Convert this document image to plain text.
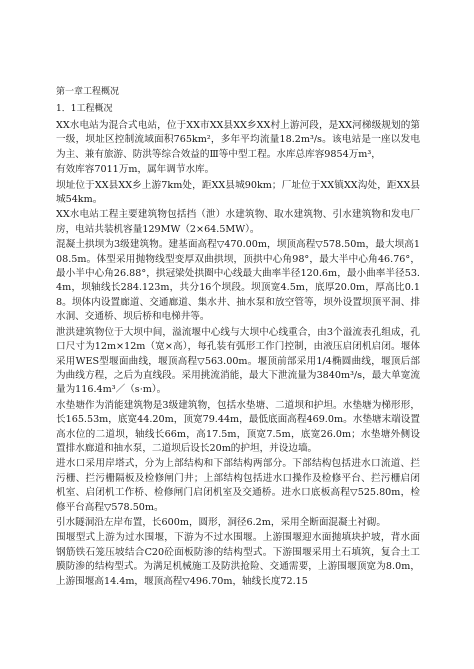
第一章工程概况
1．1工程概况
XX水电站为混合式电站，位于XX市XX县XX乡XX村上游河段，是XX河梯级规划的第一级，坝址区控制流域面积765km²，多年平均流量18.2m³/s。该电站是一座以发电为主、兼有旅游、防洪等综合效益的Ⅲ等中型工程。水库总库容9854万m³，
有效库容7011万m，属年调节水库。
坝址位于XX县XX乡上游7km处，距XX县城90km；厂址位于XX镇XX沟处，距XX县城54km。
XX水电站工程主要建筑物包括挡（泄）水建筑物、取水建筑物、引水建筑物和发电厂房，电站共装机容量129MW（2×64.5MW）。
混凝土拱坝为3级建筑物。建基面高程▽470.00m，坝顶高程▽578.50m，最大坝高108.5m。体型采用抛物线型变厚双曲拱坝，顶拱中心角98°，最大半中心角46.76°，最小半中心角26.88°，拱冠梁处拱圈中心线最大曲率半径120.6m，最小曲率半径53.4m，坝轴线长284.123m，共分16个坝段。坝顶宽4.5m，底厚20.0m，厚高比0.18。坝体内设置廊道、交通廊道、集水井、抽水泵和放空管等，坝外设置坝顶平洞、排水洞、交通桥、坝后桥和电梯井等。
泄洪建筑物位于大坝中间，溢流堰中心线与大坝中心线重合，由3个溢流表孔组成，孔口尺寸为12m×12m（宽×高），每孔装有弧形工作门控制，由液压启闭机启闭。堰体采用WES型堰面曲线，堰顶高程▽563.00m。堰顶前部采用1/4椭圆曲线，堰顶后部为曲线方程，之后为直线段。采用挑流消能，最大下泄流量为3840m³/s，最大单宽流量为116.4m³／（s·m）。
水垫塘作为消能建筑物是3级建筑物，包括水垫塘、二道坝和护坦。水垫塘为梯形形，长165.53m，底宽44.20m，顶宽79.44m，最低底面高程469.0m。水垫塘末端设置高水位的二道坝，轴线长66m，高17.5m，顶宽7.5m，底宽26.0m；水垫塘外侧设置排水廊道和抽水泵，二道坝后设长20m的护坦，并设边墙。
进水口采用岸塔式，分为上部结构和下部结构两部分。下部结构包括进水口流道、拦污栅、拦污栅隔板及检修闸门井；上部结构包括进水口操作及检修平台、拦污栅启闭机室、启闭机工作桥、检修闸门启闭机室及交通桥。进水口底板高程▽525.80m，检修平台高程▽578.50m。
引水隧洞沿左岸布置，长600m，圆形，洞径6.2m，采用全断面混凝土衬砌。
围堰型式上游为过水围堰，下游为不过水围堰。上游围堰迎水面抛填块护坡，背水面钢筋铁石笼压坡结合C20砼面板防渗的结构型式。下游围堰采用土石填筑，复合土工膜防渗的结构型式。为满足机械施工及防洪抢险、交通需要，上游围堰顶宽为8.0m，上游围堰高14.4m，堰顶高程▽496.70m，轴线长度72.15
